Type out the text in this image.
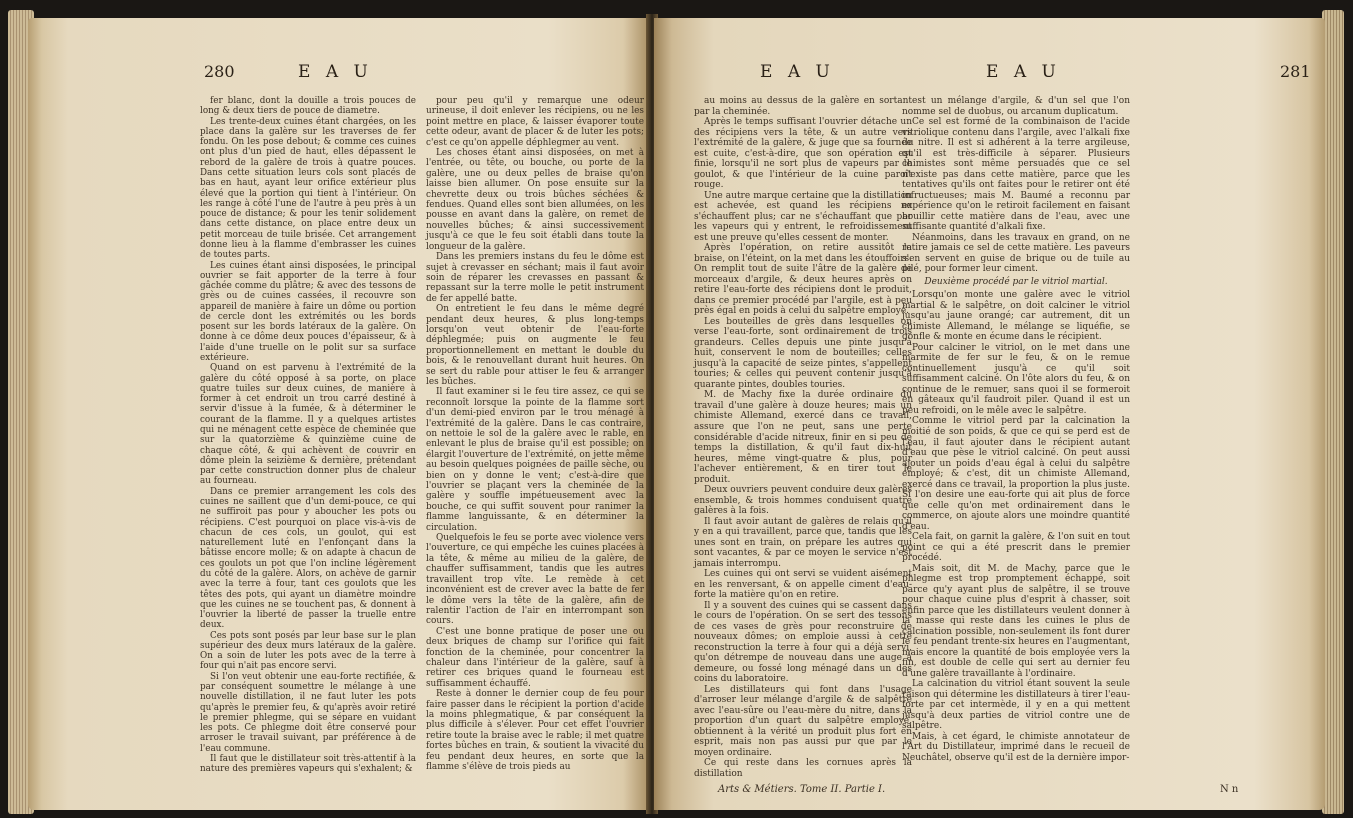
280	E A U

fer blanc, dont la douille a trois pouces de long & deux tiers de pouce de diametre.

Les trente-deux cuines étant chargées, on les place dans la galère sur les traverses de fer fondu. On les pose debout; & comme ces cuines ont plus d'un pied de haut, elles dépassent le rebord de la galère de trois à quatre pouces. Dans cette situation leurs cols sont placés de bas en haut, ayant leur orifice extérieur plus élevé que la portion qui tient à l'intérieur. On les range à côté l'une de l'autre à peu près à un pouce de distance; & pour les tenir solidement dans cette distance, on place entre deux un petit morceau de tuile brisée. Cet arrangement donne lieu à la flamme d'embrasser les cuines de toutes parts.

Les cuines étant ainsi disposées, le principal ouvrier se fait apporter de la terre à four gâchée comme du plâtre; & avec des tessons de grès ou de cuines cassées, il recouvre son appareil de manière à faire un dôme ou portion de cercle dont les extrémités ou les bords posent sur les bords latéraux de la galère. On donne à ce dôme deux pouces d'épaisseur, & à l'aide d'une truelle on le polit sur sa surface extérieure.

Quand on est parvenu à l'extrémité de la galère du côté opposé à sa porte, on place quatre tuiles sur deux cuines, de manière à former à cet endroit un trou carré destiné à servir d'issue à la fumée, & à déterminer le courant de la flamme. Il y a quelques artistes qui ne ménagent cette espèce de cheminée que sur la quatorzième & quinzième cuine de chaque côté, & qui achèvent de couvrir en dôme plein la seizième & dernière, prétendant par cette construction donner plus de chaleur au fourneau.

Dans ce premier arrangement les cols des cuines ne saillent que d'un demi-pouce, ce qui ne suffiroit pas pour y aboucher les pots ou récipiens. C'est pourquoi on place vis-à-vis de chacun de ces cols, un goulot, qui est naturellement luté en l'enfonçant dans la bâtisse encore molle; & on adapte à chacun de ces goulots un pot que l'on incline légèrement du côté de la galère. Alors, on achève de garnir avec la terre à four, tant ces goulots que les têtes des pots, qui ayant un diamètre moindre que les cuines ne se touchent pas, & donnent à l'ouvrier la liberté de passer la truelle entre deux.

Ces pots sont posés par leur base sur le plan supérieur des deux murs latéraux de la galère. On a soin de luter les pots avec de la terre à four qui n'ait pas encore servi.

Si l'on veut obtenir une eau-forte rectifiée, & par conséquent soumettre le mélange à une nouvelle distillation, il ne faut luter les pots qu'après le premier feu, & qu'après avoir retiré le premier phlegme, qui se sépare en vuidant les pots. Ce phlegme doit être conservé pour arroser le travail suivant, par préférence à de l'eau commune.

Il faut que le distillateur soit très-attentif à la nature des premières vapeurs qui s'exhalent; &

pour peu qu'il y remarque une odeur urineuse, il doit enlever les récipiens, ou ne les point mettre en place, & laisser évaporer toute cette odeur, avant de placer & de luter les pots; c'est ce qu'on appelle déphlegmer au vent.

Les choses étant ainsi disposées, on met à l'entrée, ou tête, ou bouche, ou porte de la galère, une ou deux pelles de braise qu'on laisse bien allumer. On pose ensuite sur la chevrette deux ou trois bûches séchées & fendues. Quand elles sont bien allumées, on les pousse en avant dans la galère, on remet de nouvelles bûches; & ainsi successivement jusqu'à ce que le feu soit établi dans toute la longueur de la galère.

Dans les premiers instans du feu le dôme est sujet à crevasser en séchant; mais il faut avoir soin de réparer les crevasses en passant & repassant sur la terre molle le petit instrument de fer appellé batte.

On entretient le feu dans le même degré pendant deux heures, & plus long-temps lorsqu'on veut obtenir de l'eau-forte déphlegmée; puis on augmente le feu proportionnellement en mettant le double du bois, & le renouvellant durant huit heures. On se sert du rable pour attiser le feu & arranger les bûches.

Il faut examiner si le feu tire assez, ce qui se reconnoît lorsque la pointe de la flamme sort d'un demi-pied environ par le trou ménagé à l'extrémité de la galère. Dans le cas contraire, on nettoie le sol de la galère avec le rable, en enlevant le plus de braise qu'il est possible; on élargit l'ouverture de l'extrémité, on jette même au besoin quelques poignées de paille sèche, ou bien on y donne le vent; c'est-à-dire que l'ouvrier se plaçant vers la cheminée de la galère y souffle impétueusement avec la bouche, ce qui suffit souvent pour ranimer la flamme languissante, & en déterminer la circulation.

Quelquefois le feu se porte avec violence vers l'ouverture, ce qui empêche les cuines placées à la tête, & même au milieu de la galère, de chauffer suffisamment, tandis que les autres travaillent trop vîte. Le remède à cet inconvénient est de crever avec la batte de fer le dôme vers la tête de la galère, afin de ralentir l'action de l'air en interrompant son cours.

C'est une bonne pratique de poser une ou deux briques de champ sur l'orifice qui fait fonction de la cheminée, pour concentrer la chaleur dans l'intérieur de la galère, sauf à retirer ces briques quand le fourneau est suffisamment échauffé.

Reste à donner le dernier coup de feu pour faire passer dans le récipient la portion d'acide la moins phlegmatique, & par conséquent la plus difficile à s'élever. Pour cet effet l'ouvrier retire toute la braise avec le rable; il met quatre fortes bûches en train, & soutient la vivacité du feu pendant deux heures, en sorte que la flamme s'élève de trois pieds au

E A U	E A U	281

au moins au dessus de la galère en sortant par la cheminée.

Après le temps suffisant l'ouvrier détache un des récipiens vers la tête, & un autre vers l'extrémité de la galère, & juge que sa fournée est cuite, c'est-à-dire, que son opération est finie, lorsqu'il ne sort plus de vapeurs par le goulot, & que l'intérieur de la cuine paroît rouge.

Une autre marque certaine que la distillation est achevée, est quand les récipiens ne s'échauffent plus; car ne s'échauffant que par les vapeurs qui y entrent, le refroidissement est une preuve qu'elles cessent de monter.

Après l'opération, on retire aussitôt la braise, on l'éteint, on la met dans les étouffoirs. On remplit tout de suite l'âtre de la galère de morceaux d'argile, & deux heures après on retire l'eau-forte des récipiens dont le produit, dans ce premier procédé par l'argile, est à peu près égal en poids à celui du salpêtre employé.

Les bouteilles de grès dans lesquelles on verse l'eau-forte, sont ordinairement de trois grandeurs. Celles depuis une pinte jusqu'à huit, conservent le nom de bouteilles; celles jusqu'à la capacité de seize pintes, s'appellent touries; & celles qui peuvent contenir jusqu'à quarante pintes, doubles touries.

M. de Machy fixe la durée ordinaire du travail d'une galère à douze heures; mais un chimiste Allemand, exercé dans ce travail, assure que l'on ne peut, sans une perte considérable d'acide nitreux, finir en si peu de temps la distillation, & qu'il faut dix-huit heures, même vingt-quatre & plus, pour l'achever entièrement, & en tirer tout le produit.

Deux ouvriers peuvent conduire deux galères ensemble, & trois hommes conduisent quatre galères à la fois.

Il faut avoir autant de galères de relais qu'il y en a qui travaillent, parce que, tandis que les unes sont en train, on prépare les autres qui sont vacantes, & par ce moyen le service n'est jamais interrompu.

Les cuines qui ont servi se vuident aisément en les renversant, & on appelle ciment d'eau-forte la matière qu'on en retire.

Il y a souvent des cuines qui se cassent dans le cours de l'opération. On se sert des tessons de ces vases de grès pour reconstruire de nouveaux dômes; on emploie aussi à cette reconstruction la terre à four qui a déjà servi, qu'on détrempe de nouveau dans une auge à demeure, ou fossé long ménagé dans un des coins du laboratoire.

Les distillateurs qui font dans l'usage d'arroser leur mélange d'argile & de salpêtre avec l'eau-sûre ou l'eau-mère du nitre, dans la proportion d'un quart du salpêtre employé, obtiennent à la vérité un produit plus fort en esprit, mais non pas aussi pur que par le moyen ordinaire.

Ce qui reste dans les cornues après la distillation

est un mélange d'argile, & d'un sel que l'on nomme sel de duobus, ou arcanum duplicatum.

Ce sel est formé de la combinaison de l'acide vitriolique contenu dans l'argile, avec l'alkali fixe du nitre. Il est si adhérent à la terre argileuse, qu'il est très-difficile à séparer. Plusieurs chimistes sont même persuadés que ce sel n'existe pas dans cette matière, parce que les tentatives qu'ils ont faites pour le retirer ont été infructueuses; mais M. Baumé a reconnu par expérience qu'on le retiroit facilement en faisant bouillir cette matière dans de l'eau, avec une suffisante quantité d'alkali fixe.

Néanmoins, dans les travaux en grand, on ne retire jamais ce sel de cette matière. Les paveurs s'en servent en guise de brique ou de tuile au pilé, pour former leur ciment.

Deuxième procédé par le vitriol martial.

Lorsqu'on monte une galère avec le vitriol martial & le salpêtre, on doit calciner le vitriol jusqu'au jaune orangé; car autrement, dit un chimiste Allemand, le mélange se liquéfie, se gonfle & monte en écume dans le récipient.

Pour calciner le vitriol, on le met dans une marmite de fer sur le feu, & on le remue continuellement jusqu'à ce qu'il soit suffisamment calciné. On l'ôte alors du feu, & on continue de le remuer, sans quoi il se formeroit en gâteaux qu'il faudroit piler. Quand il est un peu refroidi, on le mêle avec le salpêtre.

Comme le vitriol perd par la calcination la moitié de son poids, & que ce qui se perd est de l'eau, il faut ajouter dans le récipient autant d'eau que pèse le vitriol calciné. On peut aussi ajouter un poids d'eau égal à celui du salpêtre employé; & c'est, dit un chimiste Allemand, exercé dans ce travail, la proportion la plus juste. Si l'on desire une eau-forte qui ait plus de force que celle qu'on met ordinairement dans le commerce, on ajoute alors une moindre quantité d'eau.

Cela fait, on garnit la galère, & l'on suit en tout point ce qui a été prescrit dans le premier procédé.

Mais soit, dit M. de Machy, parce que le phlegme est trop promptement échappé, soit parce qu'y ayant plus de salpêtre, il se trouve pour chaque cuine plus d'esprit à chasser, soit enfin parce que les distillateurs veulent donner à la masse qui reste dans les cuines le plus de calcination possible, non-seulement ils font durer le feu pendant trente-six heures en l'augmentant, mais encore la quantité de bois employée vers la fin, est double de celle qui sert au dernier feu d'une galère travaillante à l'ordinaire.

La calcination du vitriol étant souvent la seule raison qui détermine les distillateurs à tirer l'eau-forte par cet intermède, il y en a qui mettent jusqu'à deux parties de vitriol contre une de salpêtre.

Mais, à cet égard, le chimiste annotateur de l'Art du Distillateur, imprimé dans le recueil de Neuchâtel, observe qu'il est de la dernière impor-

Arts & Métiers. Tome II. Partie I.	N n
